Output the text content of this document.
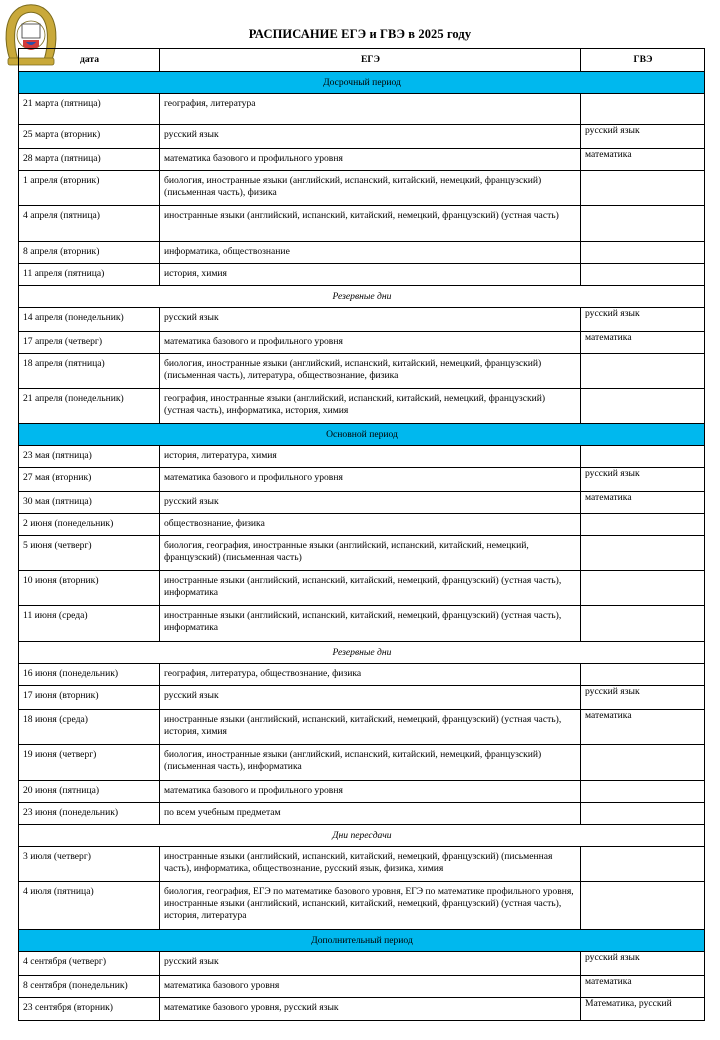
РАСПИСАНИЕ ЕГЭ и ГВЭ в 2025 году
дата	ЕГЭ	ГВЭ
Досрочный период		
21 марта (пятница)	география, литература	
25 марта (вторник)	русский язык	русский язык
28 марта (пятница)	математика базового и профильного уровня	математика
1 апреля (вторник)	биология, иностранные языки (английский, испанский, китайский, немецкий, французский) (письменная часть), физика	
4 апреля (пятница)	иностранные языки (английский, испанский, китайский, немецкий, французский) (устная часть)	
8 апреля (вторник)	информатика, обществознание	
11 апреля (пятница)	история, химия	
Резервные дни		
14 апреля (понедельник)	русский язык	русский язык
17 апреля (четверг)	математика базового и профильного уровня	математика
18 апреля (пятница)	биология, иностранные языки (английский, испанский, китайский, немецкий, французский) (письменная часть), литература, обществознание, физика	
21 апреля (понедельник)	география, иностранные языки (английский, испанский, китайский, немецкий, французский) (устная часть), информатика, история, химия	
Основной период		
23 мая (пятница)	история, литература, химия	
27 мая (вторник)	математика базового и профильного уровня	русский язык
30 мая (пятница)	русский язык	математика
2 июня (понедельник)	обществознание, физика	
5 июня (четверг)	биология, география, иностранные языки (английский, испанский, китайский, немецкий, французский) (письменная часть)	
10 июня (вторник)	иностранные языки (английский, испанский, китайский, немецкий, французский) (устная часть), информатика	
11 июня (среда)	иностранные языки (английский, испанский, китайский, немецкий, французский) (устная часть), информатика	
Резервные дни		
16 июня (понедельник)	география, литература, обществознание, физика	
17 июня (вторник)	русский язык	русский язык
18 июня (среда)	иностранные языки (английский, испанский, китайский, немецкий, французский) (устная часть), история, химия	математика
19 июня (четверг)	биология, иностранные языки (английский, испанский, китайский, немецкий, французский) (письменная часть), информатика	
20 июня (пятница)	математика базового и профильного уровня	
23 июня (понедельник)	по всем учебным предметам	
Дни пересдачи		
3 июля (четверг)	иностранные языки (английский, испанский, китайский, немецкий, французский) (письменная часть), информатика, обществознание, русский язык, физика, химия	
4 июля (пятница)	биология, география, ЕГЭ по математике базового уровня, ЕГЭ по математике профильного уровня, иностранные языки (английский, испанский, китайский, немецкий, французский) (устная часть), история, литература	
Дополнительный период		
4 сентября (четверг)	русский язык	русский язык
8 сентября (понедельник)	математика базового уровня	математика
23 сентября (вторник)	математике базового уровня, русский язык	Математика, русский
